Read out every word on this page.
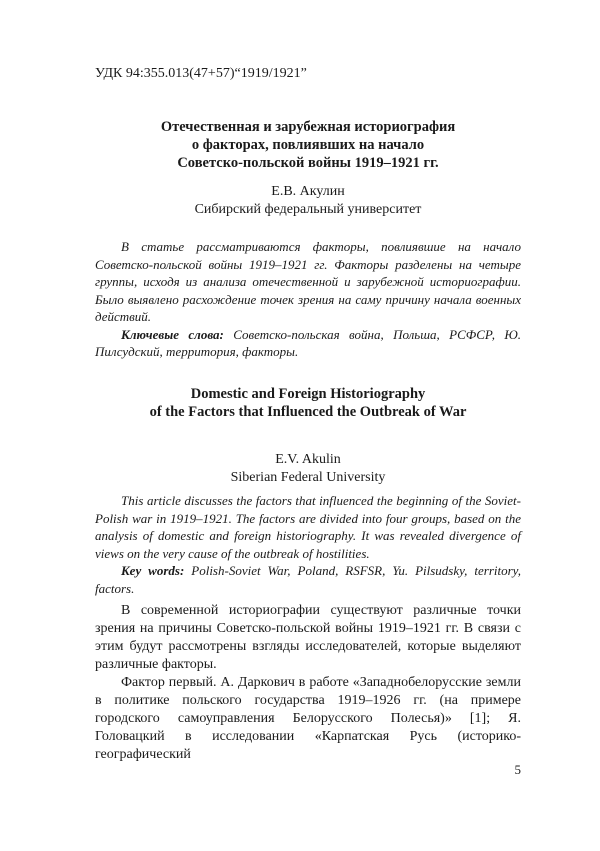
УДК 94:355.013(47+57)“1919/1921”
Отечественная и зарубежная историография
о факторах, повлиявших на начало
Советско-польской войны 1919–1921 гг.
Е.В. Акулин
Сибирский федеральный университет

В статье рассматриваются факторы, повлиявшие на начало Советско-польской войны 1919–1921 гг. Факторы разделены на четыре группы, исходя из анализа отечественной и зарубежной историографии. Было выявлено расхождение точек зрения на саму причину начала военных действий.

Ключевые слова: Советско-польская война, Польша, РСФСР, Ю. Пилсудский, территория, факторы.

Domestic and Foreign Historiography
of the Factors that Influenced the Outbreak of War
E.V. Akulin
Siberian Federal University

This article discusses the factors that influenced the beginning of the Soviet-Polish war in 1919–1921. The factors are divided into four groups, based on the analysis of domestic and foreign historiography. It was revealed divergence of views on the very cause of the outbreak of hostilities.

Key words: Polish-Soviet War, Poland, RSFSR, Yu. Pilsudsky, territory, factors.

В современной историографии существуют различные точки зрения на причины Советско-польской войны 1919–1921 гг. В связи с этим будут рассмотрены взгляды исследователей, которые выделяют различные факторы.

Фактор первый. А. Даркович в работе «Западнобелорусские земли в политике польского государства 1919–1926 гг. (на примере городского самоуправления Белорусского Полесья)» [1]; Я. Головацкий в исследовании «Карпатская Русь (историко-географический

5
